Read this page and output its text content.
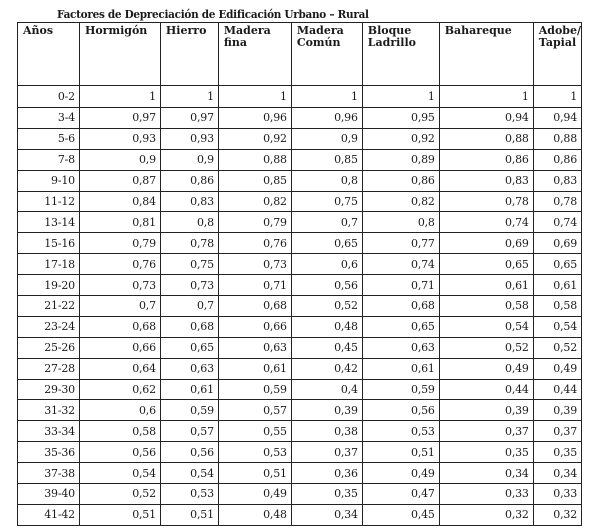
Factores de Depreciación de Edificación Urbano – Rural
Años	Hormigón	Hierro	Madera fina	Madera Común	Bloque Ladrillo	Bahareque	Adobe/ Tapial
0-2	1	1	1	1	1	1	1
3-4	0,97	0,97	0,96	0,96	0,95	0,94	0,94
5-6	0,93	0,93	0,92	0,9	0,92	0,88	0,88
7-8	0,9	0,9	0,88	0,85	0,89	0,86	0,86
9-10	0,87	0,86	0,85	0,8	0,86	0,83	0,83
11-12	0,84	0,83	0,82	0,75	0,82	0,78	0,78
13-14	0,81	0,8	0,79	0,7	0,8	0,74	0,74
15-16	0,79	0,78	0,76	0,65	0,77	0,69	0,69
17-18	0,76	0,75	0,73	0,6	0,74	0,65	0,65
19-20	0,73	0,73	0,71	0,56	0,71	0,61	0,61
21-22	0,7	0,7	0,68	0,52	0,68	0,58	0,58
23-24	0,68	0,68	0,66	0,48	0,65	0,54	0,54
25-26	0,66	0,65	0,63	0,45	0,63	0,52	0,52
27-28	0,64	0,63	0,61	0,42	0,61	0,49	0,49
29-30	0,62	0,61	0,59	0,4	0,59	0,44	0,44
31-32	0,6	0,59	0,57	0,39	0,56	0,39	0,39
33-34	0,58	0,57	0,55	0,38	0,53	0,37	0,37
35-36	0,56	0,56	0,53	0,37	0,51	0,35	0,35
37-38	0,54	0,54	0,51	0,36	0,49	0,34	0,34
39-40	0,52	0,53	0,49	0,35	0,47	0,33	0,33
41-42	0,51	0,51	0,48	0,34	0,45	0,32	0,32
